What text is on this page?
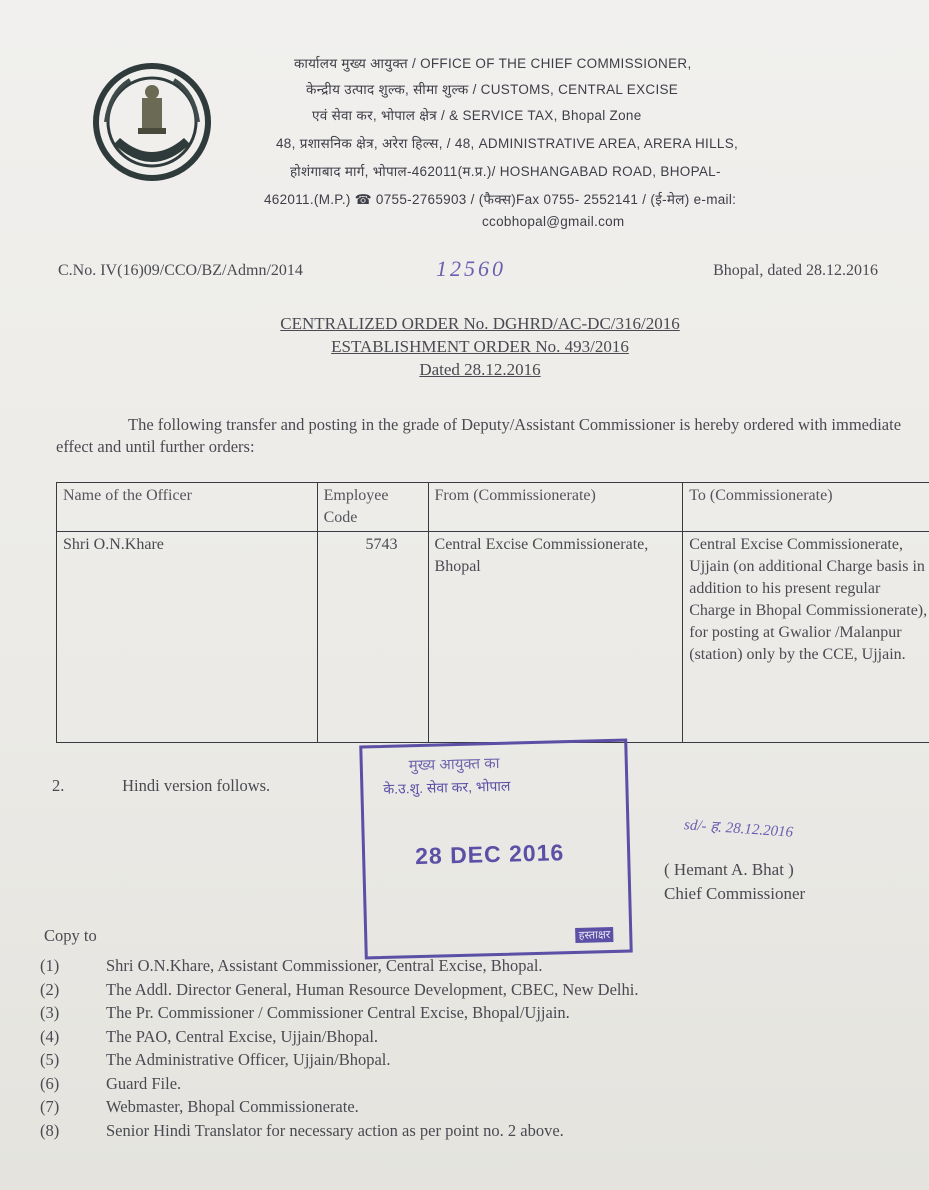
कार्यालय मुख्य आयुक्त / OFFICE OF THE CHIEF COMMISSIONER,
केन्द्रीय उत्पाद शुल्क, सीमा शुल्क / CUSTOMS, CENTRAL EXCISE
एवं सेवा कर, भोपाल क्षेत्र / & SERVICE TAX, Bhopal Zone
48, प्रशासनिक क्षेत्र, अरेरा हिल्स, / 48, ADMINISTRATIVE AREA, ARERA HILLS,
होशंगाबाद मार्ग, भोपाल-462011(म.प्र.)/ HOSHANGABAD ROAD, BHOPAL-
462011.(M.P.) ☎ 0755-2765903 / (फैक्स)Fax 0755- 2552141 / (ई-मेल) e-mail:
ccobhopal@gmail.com
C.No. IV(16)09/CCO/BZ/Admn/2014	12560	Bhopal, dated 28.12.2016
CENTRALIZED ORDER No. DGHRD/AC-DC/316/2016
ESTABLISHMENT ORDER No. 493/2016
Dated 28.12.2016
The following transfer and posting in the grade of Deputy/Assistant Commissioner is hereby ordered with immediate effect and until further orders:
Name of the Officer	Employee Code	From (Commissionerate)	To (Commissionerate)
Shri O.N.Khare	5743	Central Excise Commissionerate, Bhopal	Central Excise Commissionerate, Ujjain (on additional Charge basis in addition to his present regular Charge in Bhopal Commissionerate), for posting at Gwalior /Malanpur (station) only by the CCE, Ujjain.
2.	Hindi version follows.
मुख्य आयुक्त का
के.उ.शु. सेवा कर, भोपाल
28 DEC 2016
हस्ताक्षर
sd/- ह. 28.12.2016
( Hemant A. Bhat )
Chief Commissioner
Copy to
(1)	Shri O.N.Khare, Assistant Commissioner, Central Excise, Bhopal.
(2)	The Addl. Director General, Human Resource Development, CBEC, New Delhi.
(3)	The Pr. Commissioner / Commissioner Central Excise, Bhopal/Ujjain.
(4)	The PAO, Central Excise, Ujjain/Bhopal.
(5)	The Administrative Officer, Ujjain/Bhopal.
(6)	Guard File.
(7)	Webmaster, Bhopal Commissionerate.
(8)	Senior Hindi Translator for necessary action as per point no. 2 above.
